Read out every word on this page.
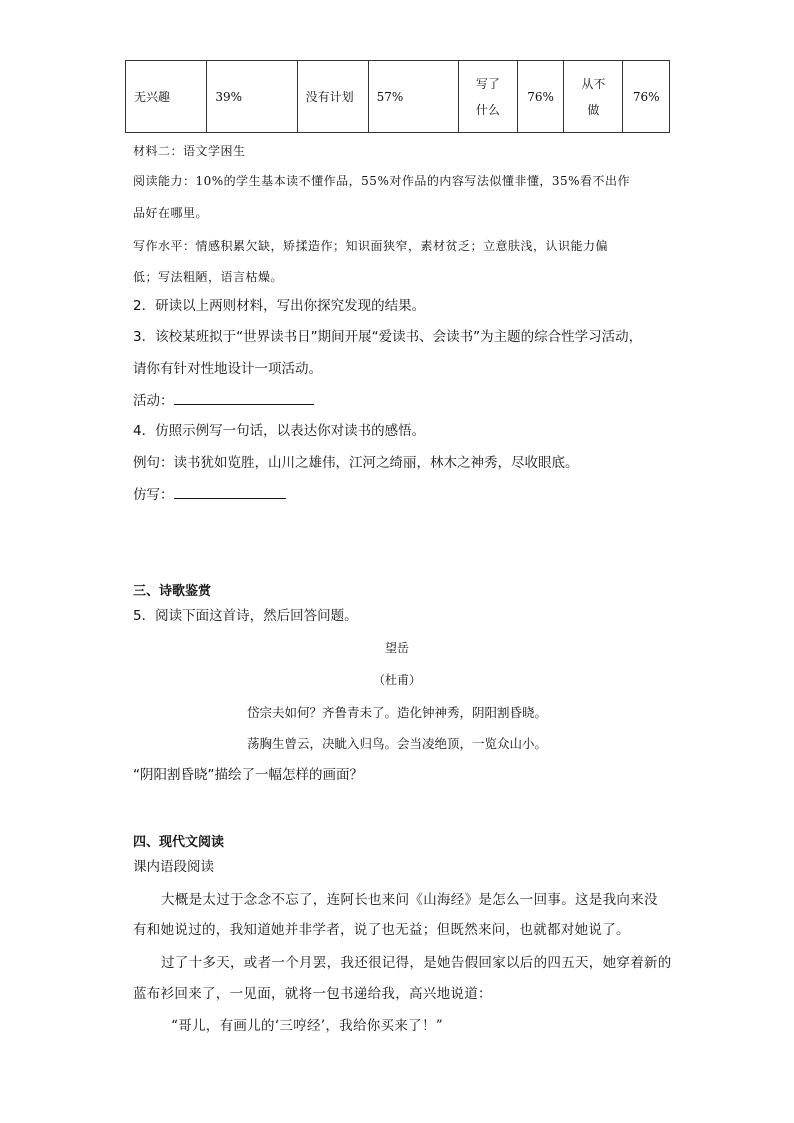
无兴趣	39%	没有计划	57%	写了什么	76%	从不做	76%
材料二：语文学困生
阅读能力：10%的学生基本读不懂作品，55%对作品的内容写法似懂非懂，35%看不出作
品好在哪里。
写作水平：情感积累欠缺，矫揉造作；知识面狭窄，素材贫乏；立意肤浅，认识能力偏
低；写法粗陋，语言枯燥。
2．研读以上两则材料，写出你探究发现的结果。
3．该校某班拟于“世界读书日”期间开展“爱读书、会读书”为主题的综合性学习活动，
请你有针对性地设计一项活动。
活动：
4．仿照示例写一句话，以表达你对读书的感悟。
例句：读书犹如览胜，山川之雄伟，江河之绮丽，林木之神秀，尽收眼底。
仿写：
三、诗歌鉴赏
5．阅读下面这首诗，然后回答问题。
望岳
（杜甫）
岱宗夫如何？齐鲁青未了。造化钟神秀，阴阳割昏晓。
荡胸生曾云，决眦入归鸟。会当凌绝顶，一览众山小。
“阴阳割昏晓”描绘了一幅怎样的画面？
四、现代文阅读
课内语段阅读
大概是太过于念念不忘了，连阿长也来问《山海经》是怎么一回事。这是我向来没
有和她说过的，我知道她并非学者，说了也无益；但既然来问，也就都对她说了。
过了十多天，或者一个月罢，我还很记得，是她告假回家以后的四五天，她穿着新的
蓝布衫回来了，一见面，就将一包书递给我，高兴地说道：
“哥儿，有画儿的‘三哼经’，我给你买来了！”
